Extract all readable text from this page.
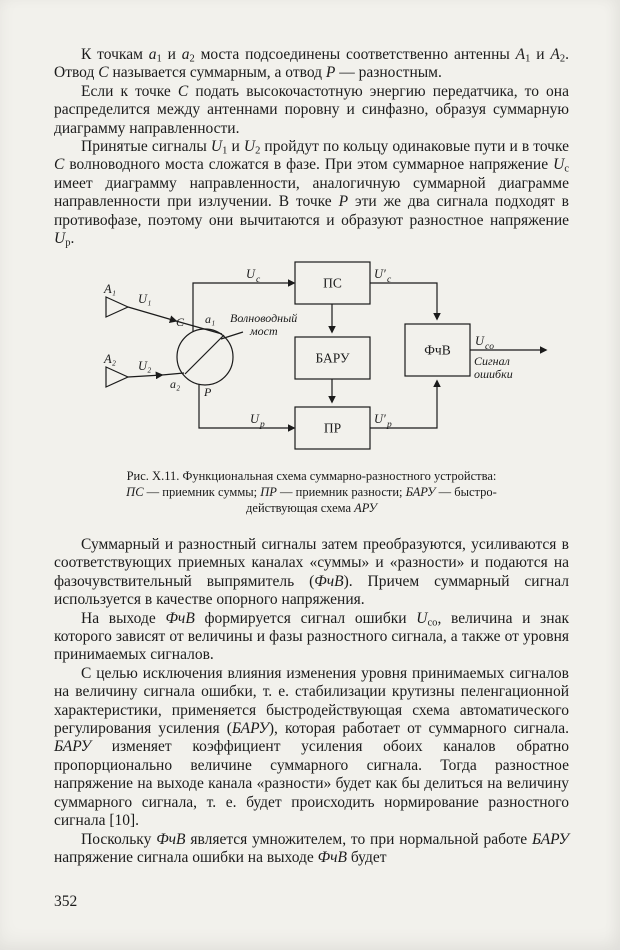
К точкам $a_1$ и $a_2$ моста подсоединены соответственно антенны $A_1$ и $A_2$. Отвод C называется суммарным, а отвод P — разностным.

Если к точке C подать высокочастотную энергию передатчика, то она распределится между антеннами поровну и синфазно, образуя суммарную диаграмму направленности.

Принятые сигналы $U_1$ и $U_2$ пройдут по кольцу одинаковые пути и в точке C волноводного моста сложатся в фазе. При этом суммарное напряжение $U_c$ имеет диаграмму направленности, аналогичную суммарной диаграмме направленности при излучении. В точке P эти же два сигнала подходят в противофазе, поэтому они вычитаются и образуют разностное напряжение $U_p$.

A₁
A₂
U₁
U₂
C a₁
a₂
P
U c
U p
U′ c
U′ p
U co
Волноводный
мост
Сигнал
ошибки
ПС
БАРУ
ПР
ФчВ
Рис. X.11. Функциональная схема суммарно-разностного устройства:
ПС — приемник суммы; ПР — приемник разности; БАРУ — быстро-
действующая схема АРУ

Суммарный и разностный сигналы затем преобразуются, усиливаются в соответствующих приемных каналах «суммы» и «разности» и подаются на фазочувствительный выпрямитель (ФчВ). Причем суммарный сигнал используется в качестве опорного напряжения.

На выходе ФчВ формируется сигнал ошибки $U_{co}$, величина и знак которого зависят от величины и фазы разностного сигнала, а также от уровня принимаемых сигналов.

С целью исключения влияния изменения уровня принимаемых сигналов на величину сигнала ошибки, т. е. стабилизации крутизны пеленгационной характеристики, применяется быстродействующая схема автоматического регулирования усиления (БАРУ), которая работает от суммарного сигнала. БАРУ изменяет коэффициент усиления обоих каналов обратно пропорционально величине суммарного сигнала. Тогда разностное напряжение на выходе канала «разности» будет как бы делиться на величину суммарного сигнала, т. е. будет происходить нормирование разностного сигнала [10].

Поскольку ФчВ является умножителем, то при нормальной работе БАРУ напряжение сигнала ошибки на выходе ФчВ будет

352
